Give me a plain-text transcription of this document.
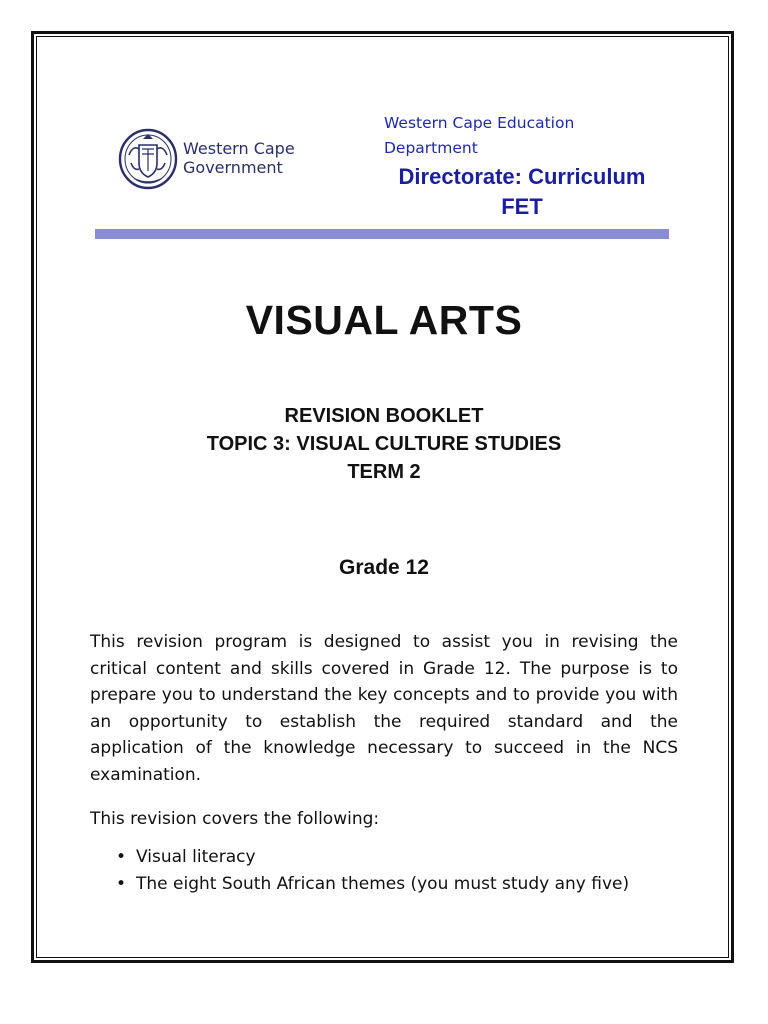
Western Cape
Government
Western Cape Education
Department
Directorate: Curriculum
FET
VISUAL ARTS
REVISION BOOKLET
TOPIC 3: VISUAL CULTURE STUDIES
TERM 2
Grade 12

This revision program is designed to assist you in revising the critical content and skills covered in Grade 12. The purpose is to prepare you to understand the key concepts and to provide you with an opportunity to establish the required standard and the application of the knowledge necessary to succeed in the NCS examination.

This revision covers the following:

• Visual literacy
• The eight South African themes (you must study any five)
